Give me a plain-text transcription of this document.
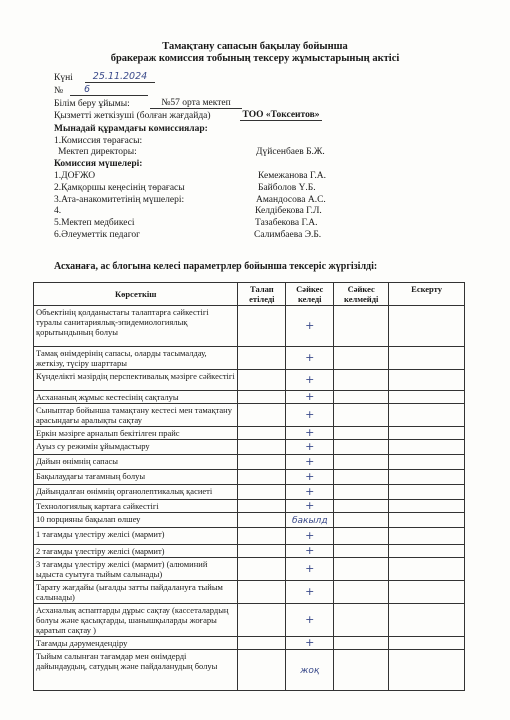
Тамақтану сапасын бақылау бойынша
бракераж комиссия тобының тексеру жұмыстарының актісі
Күні	25.11.2024
№	6
Білім беру ұйымы:	№57 орта мектеп
Қызметті жеткізуші (болған жағдайда)	ТОО «Токсеитов»
Мынадай құрамдағы комиссиялар:
1.Комиссия төрағасы:
Мектеп директоры:	Дүйсенбаев Б.Ж.
Комиссия мүшелері:
1.ДОҒЖО	Кемежанова Г.А.
2.Қамқоршы кеңесінің төрағасы	Байболов Ү.Б.
3.Ата-анакомитетінің мүшелері:	Амандосова А.С.
4.	Келдібекова Г.Л.
5.Мектеп медбикесі	Тазабекова Г.А.
6.Әлеуметтік педагог	Салимбаева Э.Б.
Асханаға, ас блогына келесі параметрлер бойынша тексеріс жүргізілді:
Көрсеткіш	Талап етіледі	Сәйкес келеді	Сәйкес келмейді	Ескерту
Объектінің қолданыстағы талаптарға сәйкестігі туралы санитариялық-эпидемиологиялық қорытындының болуы		+		
Тамақ өнімдерінің сапасы, оларды тасымалдау, жеткізу, түсіру шарттары		+		
Күнделікті мәзірдің перспективалық мәзірге сәйкестігі		+		
Асхананың жұмыс кестесінің сақталуы		+		
Сыныптар бойынша тамақтану кестесі мен тамақтану арасындағы аралықты сақтау		+		
Еркін мәзірге арналып бекітілген прайс		+		
Ауыз су режимін ұйымдастыру		+		
Дайын өнімнің сапасы		+		
Бақылаудағы тағамның болуы		+		
Дайындалған өнімнің органолептикалық қасиеті		+		
Технологиялық картаға сәйкестігі		+		
10 порцияны бақылап өлшеу		бакылд		
1 тағамды үлестіру желісі (мармит)		+		
2 тағамды үлестіру желісі (мармит)		+		
3 тағамды үлестіру желісі (мармит) (алюминий ыдыста суытуға тыйым салынады)		+		
Тарату жағдайы (ығалды затты пайдалануға тыйым салынады)		+		
Асханалық аспаптарды дұрыс сақтау (кассеталардың болуы және қасықтарды, шанышқыларды жоғары қаратып сақтау )		+		
Тағамды дәрумендендіру		+		
Тыйым салынған тағамдар мен өнімдерді дайындаудың, сатудың және пайдаланудың болуы		жоқ		
